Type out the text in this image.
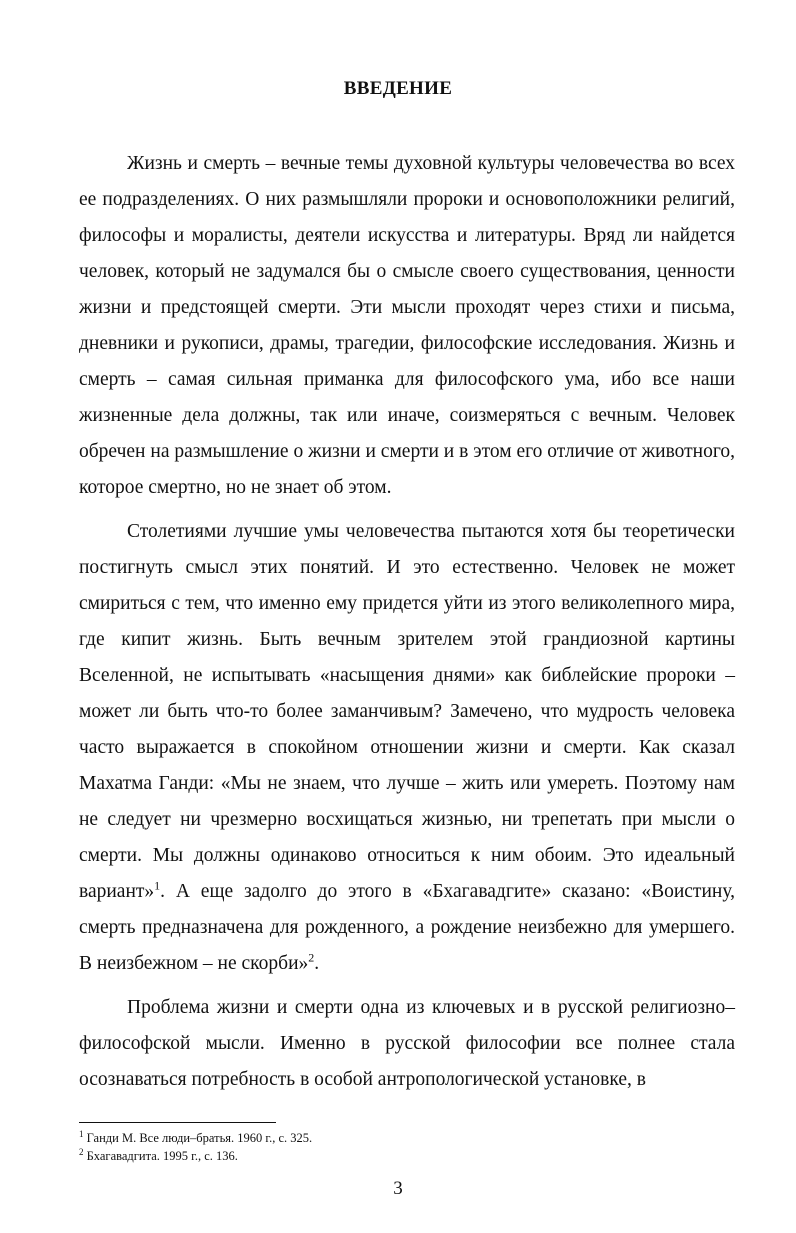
ВВЕДЕНИЕ

Жизнь и смерть – вечные темы духовной культуры человечества во всех ее подразделениях. О них размышляли пророки и основоположники религий, философы и моралисты, деятели искусства и литературы. Вряд ли найдется человек, который не задумался бы о смысле своего существования, ценности жизни и предстоящей смерти. Эти мысли проходят через стихи и письма, дневники и рукописи, драмы, трагедии, философские исследования. Жизнь и смерть – самая сильная приманка для философского ума, ибо все наши жизненные дела должны, так или иначе, соизмеряться с вечным. Человек обречен на размышление о жизни и смерти и в этом его отличие от животного, которое смертно, но не знает об этом.

Столетиями лучшие умы человечества пытаются хотя бы теоретически постигнуть смысл этих понятий. И это естественно. Человек не может смириться с тем, что именно ему придется уйти из этого великолепного мира, где кипит жизнь. Быть вечным зрителем этой грандиозной картины Вселенной, не испытывать «насыщения днями» как библейские пророки – может ли быть что-то более заманчивым? Замечено, что мудрость человека часто выражается в спокойном отношении жизни и смерти. Как сказал Махатма Ганди: «Мы не знаем, что лучше – жить или умереть. Поэтому нам не следует ни чрезмерно восхищаться жизнью, ни трепетать при мысли о смерти. Мы должны одинаково относиться к ним обоим. Это идеальный вариант»$^1$. А еще задолго до этого в «Бхагавадгите» сказано: «Воистину, смерть предназначена для рожденного, а рождение неизбежно для умершего. В неизбежном – не скорби»$^2$.

Проблема жизни и смерти одна из ключевых и в русской религиозно–философской мысли. Именно в русской философии все полнее стала осознаваться потребность в особой антропологической установке, в

$^1$ Ганди М. Все люди–братья. 1960 г., с. 325.
$^2$ Бхагавадгита. 1995 г., с. 136.
3
